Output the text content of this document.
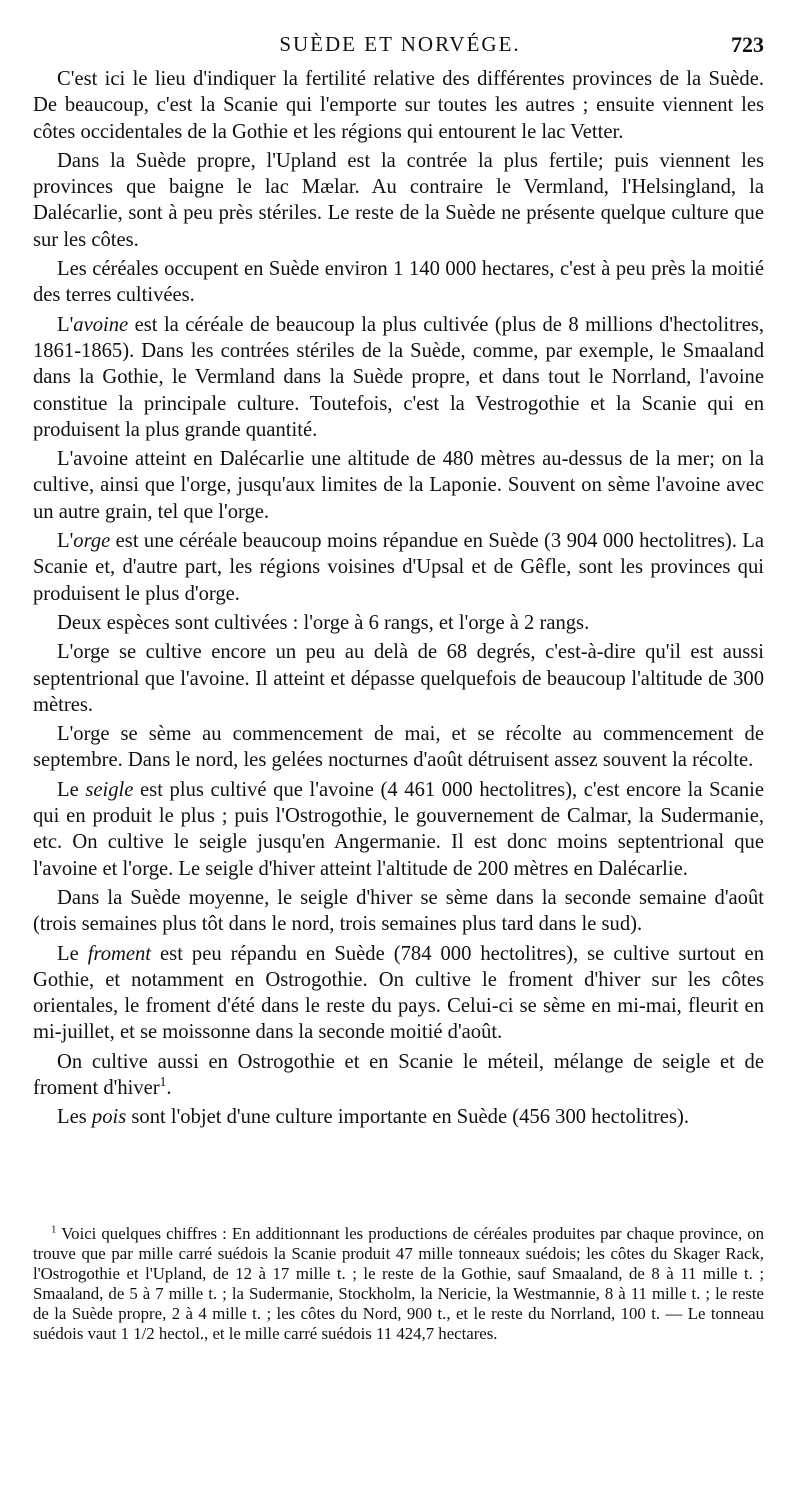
SUÈDE ET NORVÉGE.	723

C'est ici le lieu d'indiquer la fertilité relative des différentes provinces de la Suède. De beaucoup, c'est la Scanie qui l'emporte sur toutes les autres ; ensuite viennent les côtes occidentales de la Gothie et les régions qui entourent le lac Vetter.

Dans la Suède propre, l'Upland est la contrée la plus fertile; puis viennent les provinces que baigne le lac Mælar. Au contraire le Vermland, l'Helsingland, la Dalécarlie, sont à peu près stériles. Le reste de la Suède ne présente quelque culture que sur les côtes.

Les céréales occupent en Suède environ 1 140 000 hectares, c'est à peu près la moitié des terres cultivées.

L'avoine est la céréale de beaucoup la plus cultivée (plus de 8 millions d'hectolitres, 1861-1865). Dans les contrées stériles de la Suède, comme, par exemple, le Smaaland dans la Gothie, le Vermland dans la Suède propre, et dans tout le Norrland, l'avoine constitue la principale culture. Toutefois, c'est la Vestrogothie et la Scanie qui en produisent la plus grande quantité.

L'avoine atteint en Dalécarlie une altitude de 480 mètres au-dessus de la mer; on la cultive, ainsi que l'orge, jusqu'aux limites de la Laponie. Souvent on sème l'avoine avec un autre grain, tel que l'orge.

L'orge est une céréale beaucoup moins répandue en Suède (3 904 000 hectolitres). La Scanie et, d'autre part, les régions voisines d'Upsal et de Gêfle, sont les provinces qui produisent le plus d'orge.

Deux espèces sont cultivées : l'orge à 6 rangs, et l'orge à 2 rangs.

L'orge se cultive encore un peu au delà de 68 degrés, c'est-à-dire qu'il est aussi septentrional que l'avoine. Il atteint et dépasse quelquefois de beaucoup l'altitude de 300 mètres.

L'orge se sème au commencement de mai, et se récolte au commencement de septembre. Dans le nord, les gelées nocturnes d'août détruisent assez souvent la récolte.

Le seigle est plus cultivé que l'avoine (4 461 000 hectolitres), c'est encore la Scanie qui en produit le plus ; puis l'Ostrogothie, le gouvernement de Calmar, la Sudermanie, etc. On cultive le seigle jusqu'en Angermanie. Il est donc moins septentrional que l'avoine et l'orge. Le seigle d'hiver atteint l'altitude de 200 mètres en Dalécarlie.

Dans la Suède moyenne, le seigle d'hiver se sème dans la seconde semaine d'août (trois semaines plus tôt dans le nord, trois semaines plus tard dans le sud).

Le froment est peu répandu en Suède (784 000 hectolitres), se cultive surtout en Gothie, et notamment en Ostrogothie. On cultive le froment d'hiver sur les côtes orientales, le froment d'été dans le reste du pays. Celui-ci se sème en mi-mai, fleurit en mi-juillet, et se moissonne dans la seconde moitié d'août.

On cultive aussi en Ostrogothie et en Scanie le méteil, mélange de seigle et de froment d'hiver$^1$.

Les pois sont l'objet d'une culture importante en Suède (456 300 hectolitres).

$^1$ Voici quelques chiffres : En additionnant les productions de céréales produites par chaque province, on trouve que par mille carré suédois la Scanie produit 47 mille tonneaux suédois; les côtes du Skager Rack, l'Ostrogothie et l'Upland, de 12 à 17 mille t. ; le reste de la Gothie, sauf Smaaland, de 8 à 11 mille t. ; Smaaland, de 5 à 7 mille t. ; la Sudermanie, Stockholm, la Nericie, la Westmannie, 8 à 11 mille t. ; le reste de la Suède propre, 2 à 4 mille t. ; les côtes du Nord, 900 t., et le reste du Norrland, 100 t. — Le tonneau suédois vaut 1 1/2 hectol., et le mille carré suédois 11 424,7 hectares.
